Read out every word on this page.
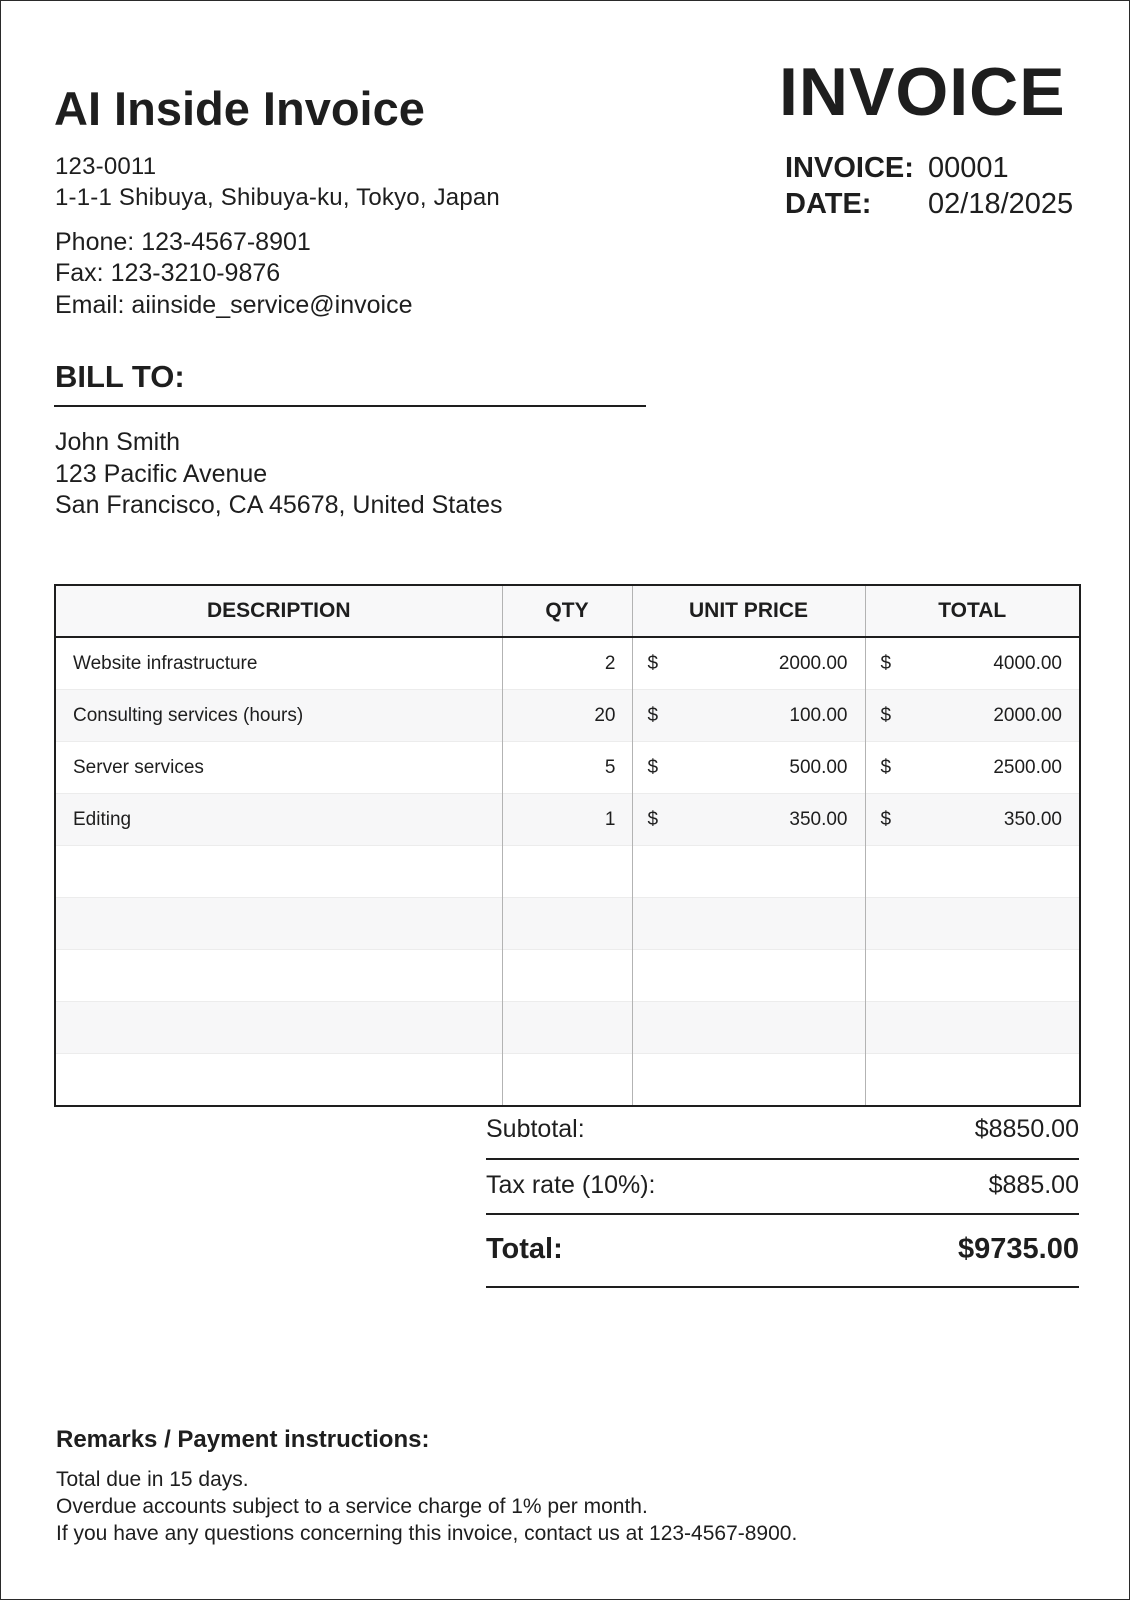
AI Inside Invoice
123-0011
1-1-1 Shibuya, Shibuya-ku, Tokyo, Japan
Phone: 123-4567-8901
Fax: 123-3210-9876
Email: aiinside_service@invoice
INVOICE
INVOICE: 00001
DATE: 02/18/2025
BILL TO:
John Smith
123 Pacific Avenue
San Francisco, CA 45678, United States
DESCRIPTION	QTY	UNIT PRICE	TOTAL
Website infrastructure	2	$ 2000.00	$ 4000.00

Consulting services (hours)	20	$ 100.00	$ 2000.00

Server services	5	$ 500.00	$ 2500.00

Editing	1	$ 350.00	$ 350.00

Subtotal:	$8850.00
Tax rate (10%):	$885.00
Total:	$9735.00
Remarks / Payment instructions:
Total due in 15 days.
Overdue accounts subject to a service charge of 1% per month.
If you have any questions concerning this invoice, contact us at 123-4567-8900.
